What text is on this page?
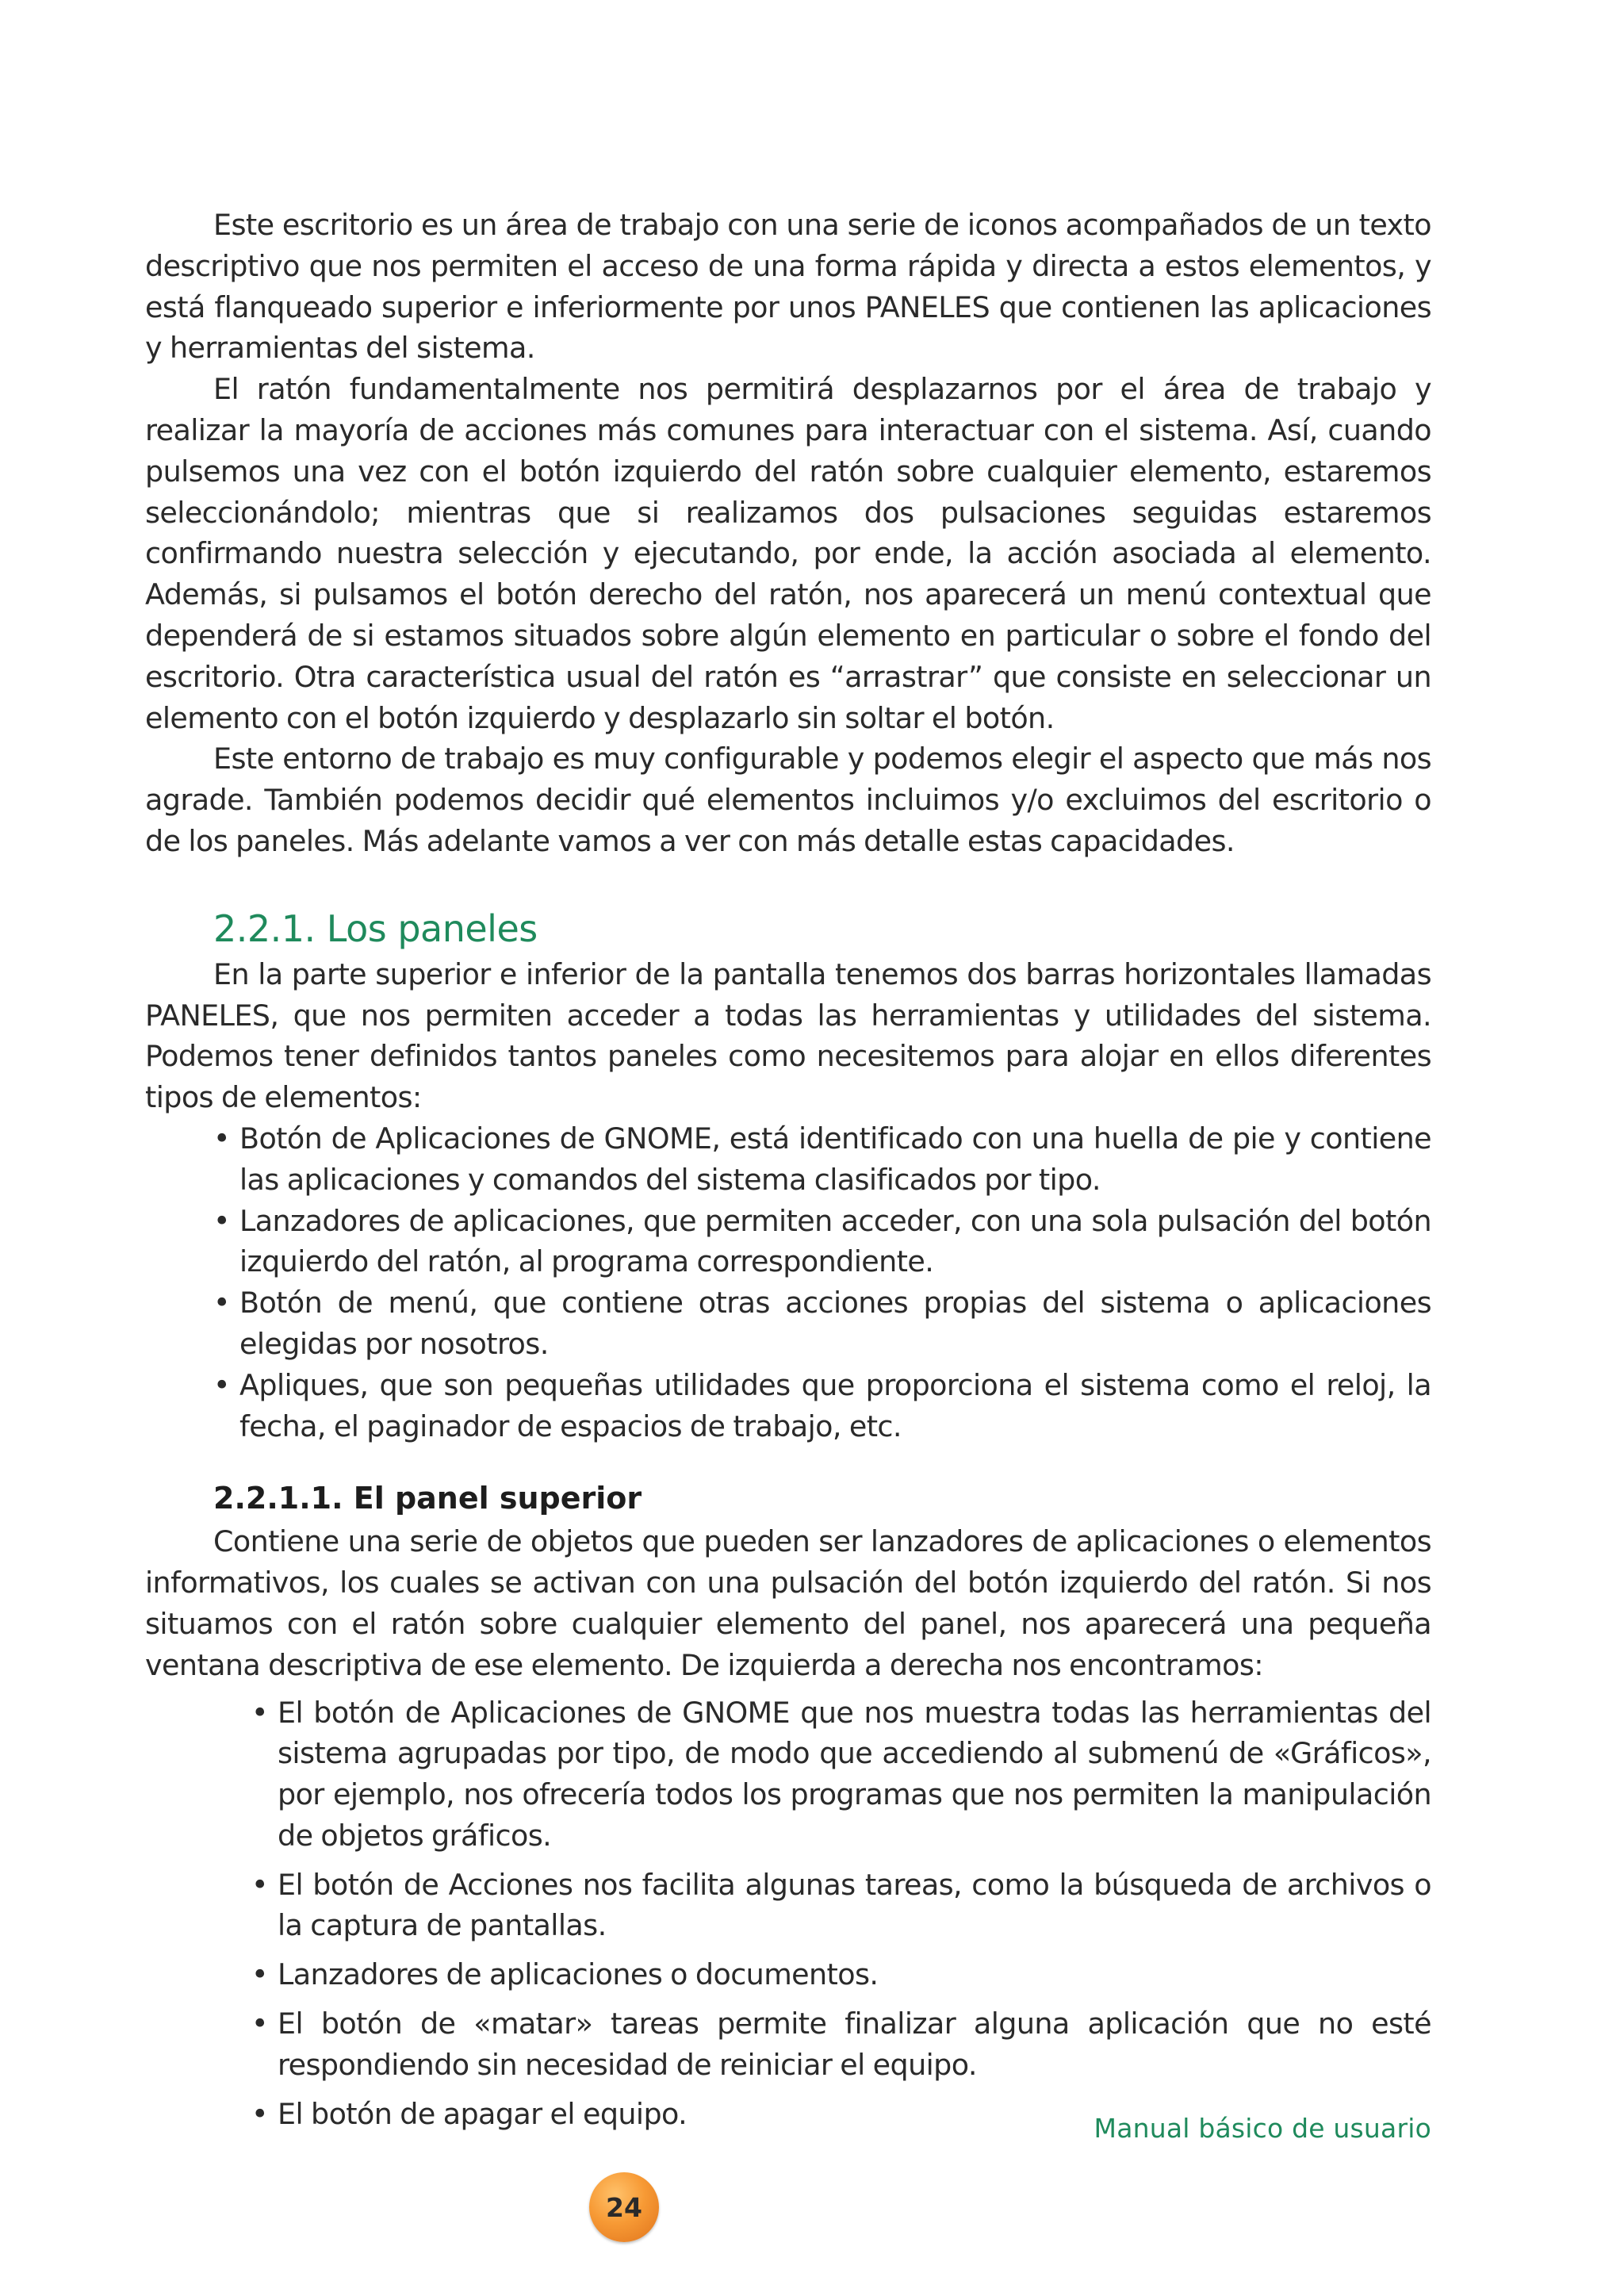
Este escritorio es un área de trabajo con una serie de iconos acompañados de un texto descriptivo que nos permiten el acceso de una forma rápida y directa a estos elementos, y está flanqueado superior e inferiormente por unos PANELES que contienen las aplicaciones y herramientas del sistema.

El ratón fundamentalmente nos permitirá desplazarnos por el área de trabajo y realizar la mayoría de acciones más comunes para interactuar con el sistema. Así, cuando pulsemos una vez con el botón izquierdo del ratón sobre cualquier elemento, estaremos seleccionándolo; mientras que si realizamos dos pulsaciones seguidas estaremos confirmando nuestra selección y ejecutando, por ende, la acción asociada al elemento. Además, si pulsamos el botón derecho del ratón, nos aparecerá un menú contextual que dependerá de si estamos situados sobre algún elemento en particular o sobre el fondo del escritorio. Otra característica usual del ratón es “arrastrar” que consiste en seleccionar un elemento con el botón izquierdo y desplazarlo sin soltar el botón.

Este entorno de trabajo es muy configurable y podemos elegir el aspecto que más nos agrade. También podemos decidir qué elementos incluimos y/o excluimos del escritorio o de los paneles. Más adelante vamos a ver con más detalle estas capacidades.

2.2.1. Los paneles

En la parte superior e inferior de la pantalla tenemos dos barras horizontales llamadas PANELES, que nos permiten acceder a todas las herramientas y utilidades del sistema. Podemos tener definidos tantos paneles como necesitemos para alojar en ellos diferentes tipos de elementos:

• Botón de Aplicaciones de GNOME, está identificado con una huella de pie y contiene las aplicaciones y comandos del sistema clasificados por tipo.
• Lanzadores de aplicaciones, que permiten acceder, con una sola pulsación del botón izquierdo del ratón, al programa correspondiente.
• Botón de menú, que contiene otras acciones propias del sistema o aplicaciones elegidas por nosotros.
• Apliques, que son pequeñas utilidades que proporciona el sistema como el reloj, la fecha, el paginador de espacios de trabajo, etc.
2.2.1.1. El panel superior

Contiene una serie de objetos que pueden ser lanzadores de aplicaciones o elementos informativos, los cuales se activan con una pulsación del botón izquierdo del ratón. Si nos situamos con el ratón sobre cualquier elemento del panel, nos aparecerá una pequeña ventana descriptiva de ese elemento. De izquierda a derecha nos encontramos:

• El botón de Aplicaciones de GNOME que nos muestra todas las herramientas del sistema agrupadas por tipo, de modo que accediendo al submenú de «Gráficos», por ejemplo, nos ofrecería todos los programas que nos permiten la manipulación de objetos gráficos.
• El botón de Acciones nos facilita algunas tareas, como la búsqueda de archivos o la captura de pantallas.
• Lanzadores de aplicaciones o documentos.
• El botón de «matar» tareas permite finalizar alguna aplicación que no esté respondiendo sin necesidad de reiniciar el equipo.
• El botón de apagar el equipo.	Manual básico de usuario
24
